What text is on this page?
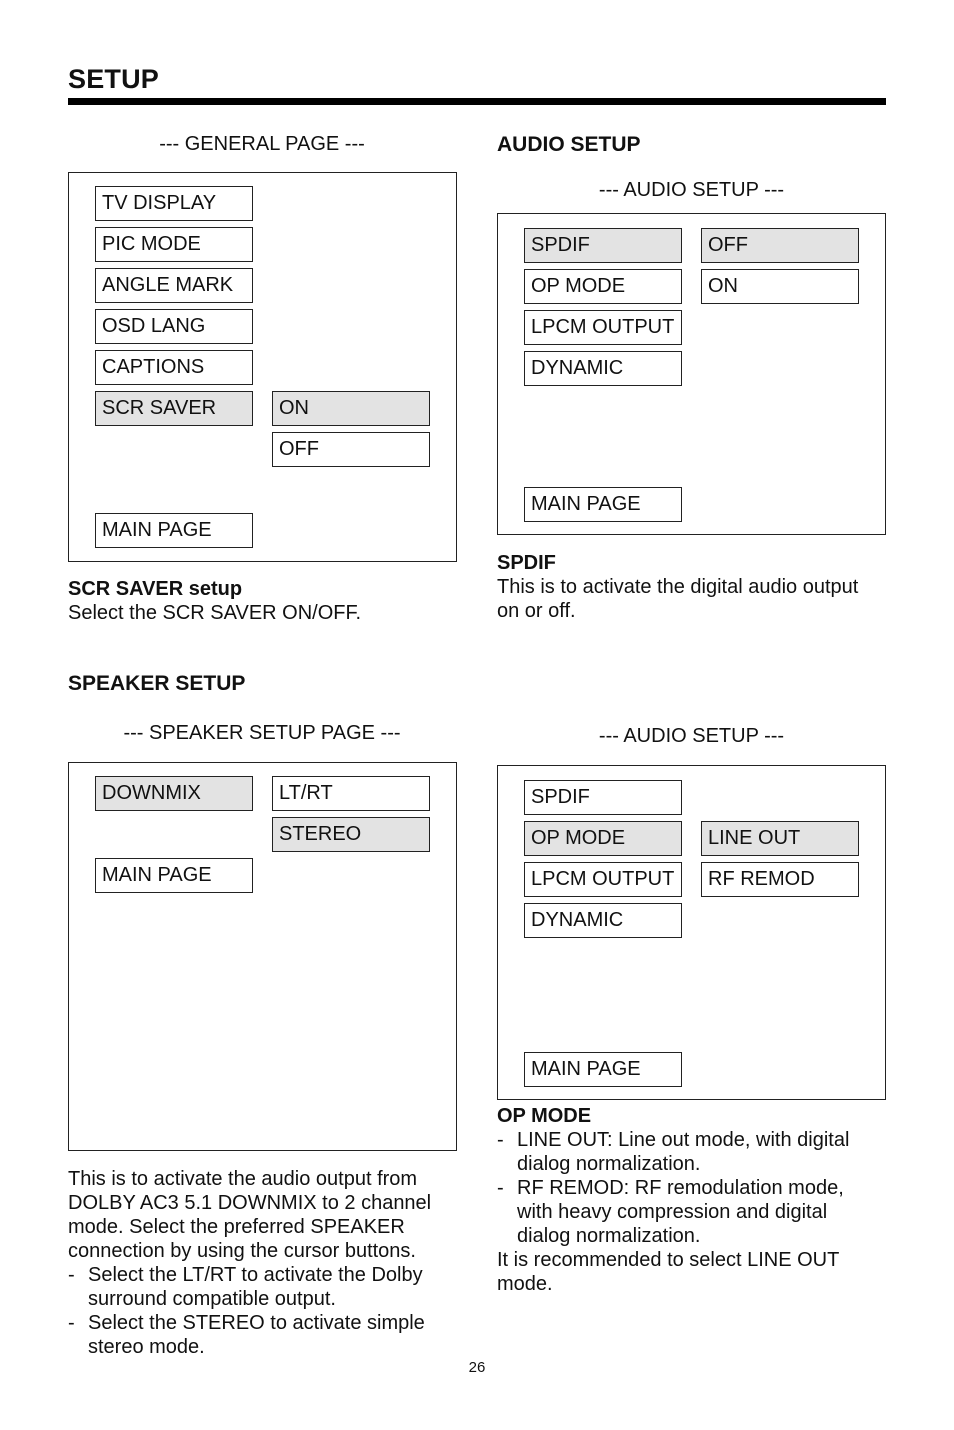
SETUP
--- GENERAL PAGE ---
TV DISPLAY
PIC MODE
ANGLE MARK
OSD LANG
CAPTIONS
SCR SAVER	ON
OFF
MAIN PAGE
SCR SAVER setup
Select the SCR SAVER ON/OFF.
AUDIO SETUP
--- AUDIO SETUP ---
SPDIF
OP MODE
LPCM OUTPUT
DYNAMIC
OFF
ON
MAIN PAGE
SPDIF
This is to activate the digital audio output
on or off.
SPEAKER SETUP
--- SPEAKER SETUP PAGE ---
DOWNMIX	LT/RT
STEREO
MAIN PAGE
This is to activate the audio output from
DOLBY AC3 5.1 DOWNMIX to 2 channel
mode. Select the preferred SPEAKER
connection by using the cursor buttons.
- Select the LT/RT to activate the Dolby
surround compatible output.
- Select the STEREO to activate simple
stereo mode.
--- AUDIO SETUP ---
SPDIF
OP MODE
LPCM OUTPUT
DYNAMIC
LINE OUT
RF REMOD
MAIN PAGE
OP MODE
- LINE OUT: Line out mode, with digital
dialog normalization.
- RF REMOD: RF remodulation mode,
with heavy compression and digital
dialog normalization.
It is recommended to select LINE OUT
mode.
26
